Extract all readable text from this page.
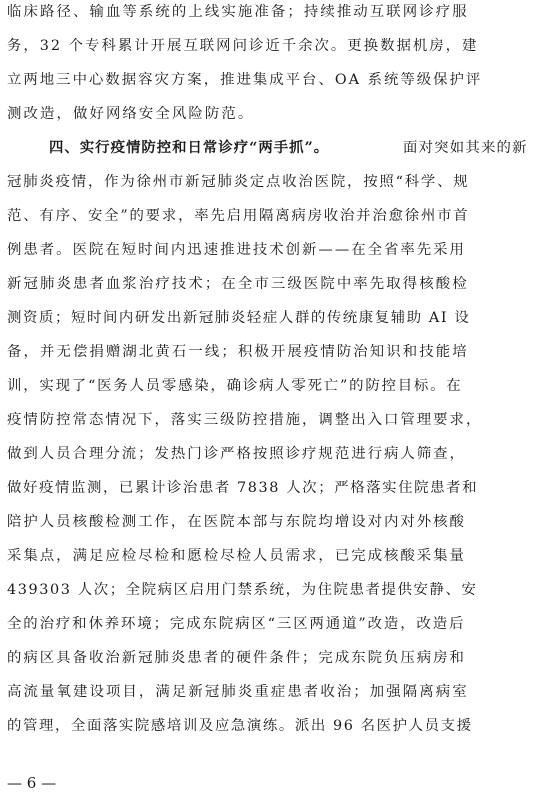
临床路径、输血等系统的上线实施准备；持续推动互联网诊疗服
务，32 个专科累计开展互联网问诊近千余次。更换数据机房，建
立两地三中心数据容灾方案，推进集成平台、OA 系统等级保护评
测改造，做好网络安全风险防范。
四、实行疫情防控和日常诊疗“两手抓”。	面对突如其来的新
冠肺炎疫情，作为徐州市新冠肺炎定点收治医院，按照“科学、规
范、有序、安全”的要求，率先启用隔离病房收治并治愈徐州市首
例患者。医院在短时间内迅速推进技术创新——在全省率先采用
新冠肺炎患者血浆治疗技术；在全市三级医院中率先取得核酸检
测资质；短时间内研发出新冠肺炎轻症人群的传统康复辅助 AI 设
备，并无偿捐赠湖北黄石一线；积极开展疫情防治知识和技能培
训，实现了“医务人员零感染，确诊病人零死亡”的防控目标。在
疫情防控常态情况下，落实三级防控措施，调整出入口管理要求，
做到人员合理分流；发热门诊严格按照诊疗规范进行病人筛查，
做好疫情监测，已累计诊治患者 7838 人次；严格落实住院患者和
陪护人员核酸检测工作，在医院本部与东院均增设对内对外核酸
采集点，满足应检尽检和愿检尽检人员需求，已完成核酸采集量
439303 人次；全院病区启用门禁系统，为住院患者提供安静、安
全的治疗和休养环境；完成东院病区“三区两通道”改造，改造后
的病区具备收治新冠肺炎患者的硬件条件；完成东院负压病房和
高流量氧建设项目，满足新冠肺炎重症患者收治；加强隔离病室
的管理，全面落实院感培训及应急演练。派出 96 名医护人员支援
— 6 —
